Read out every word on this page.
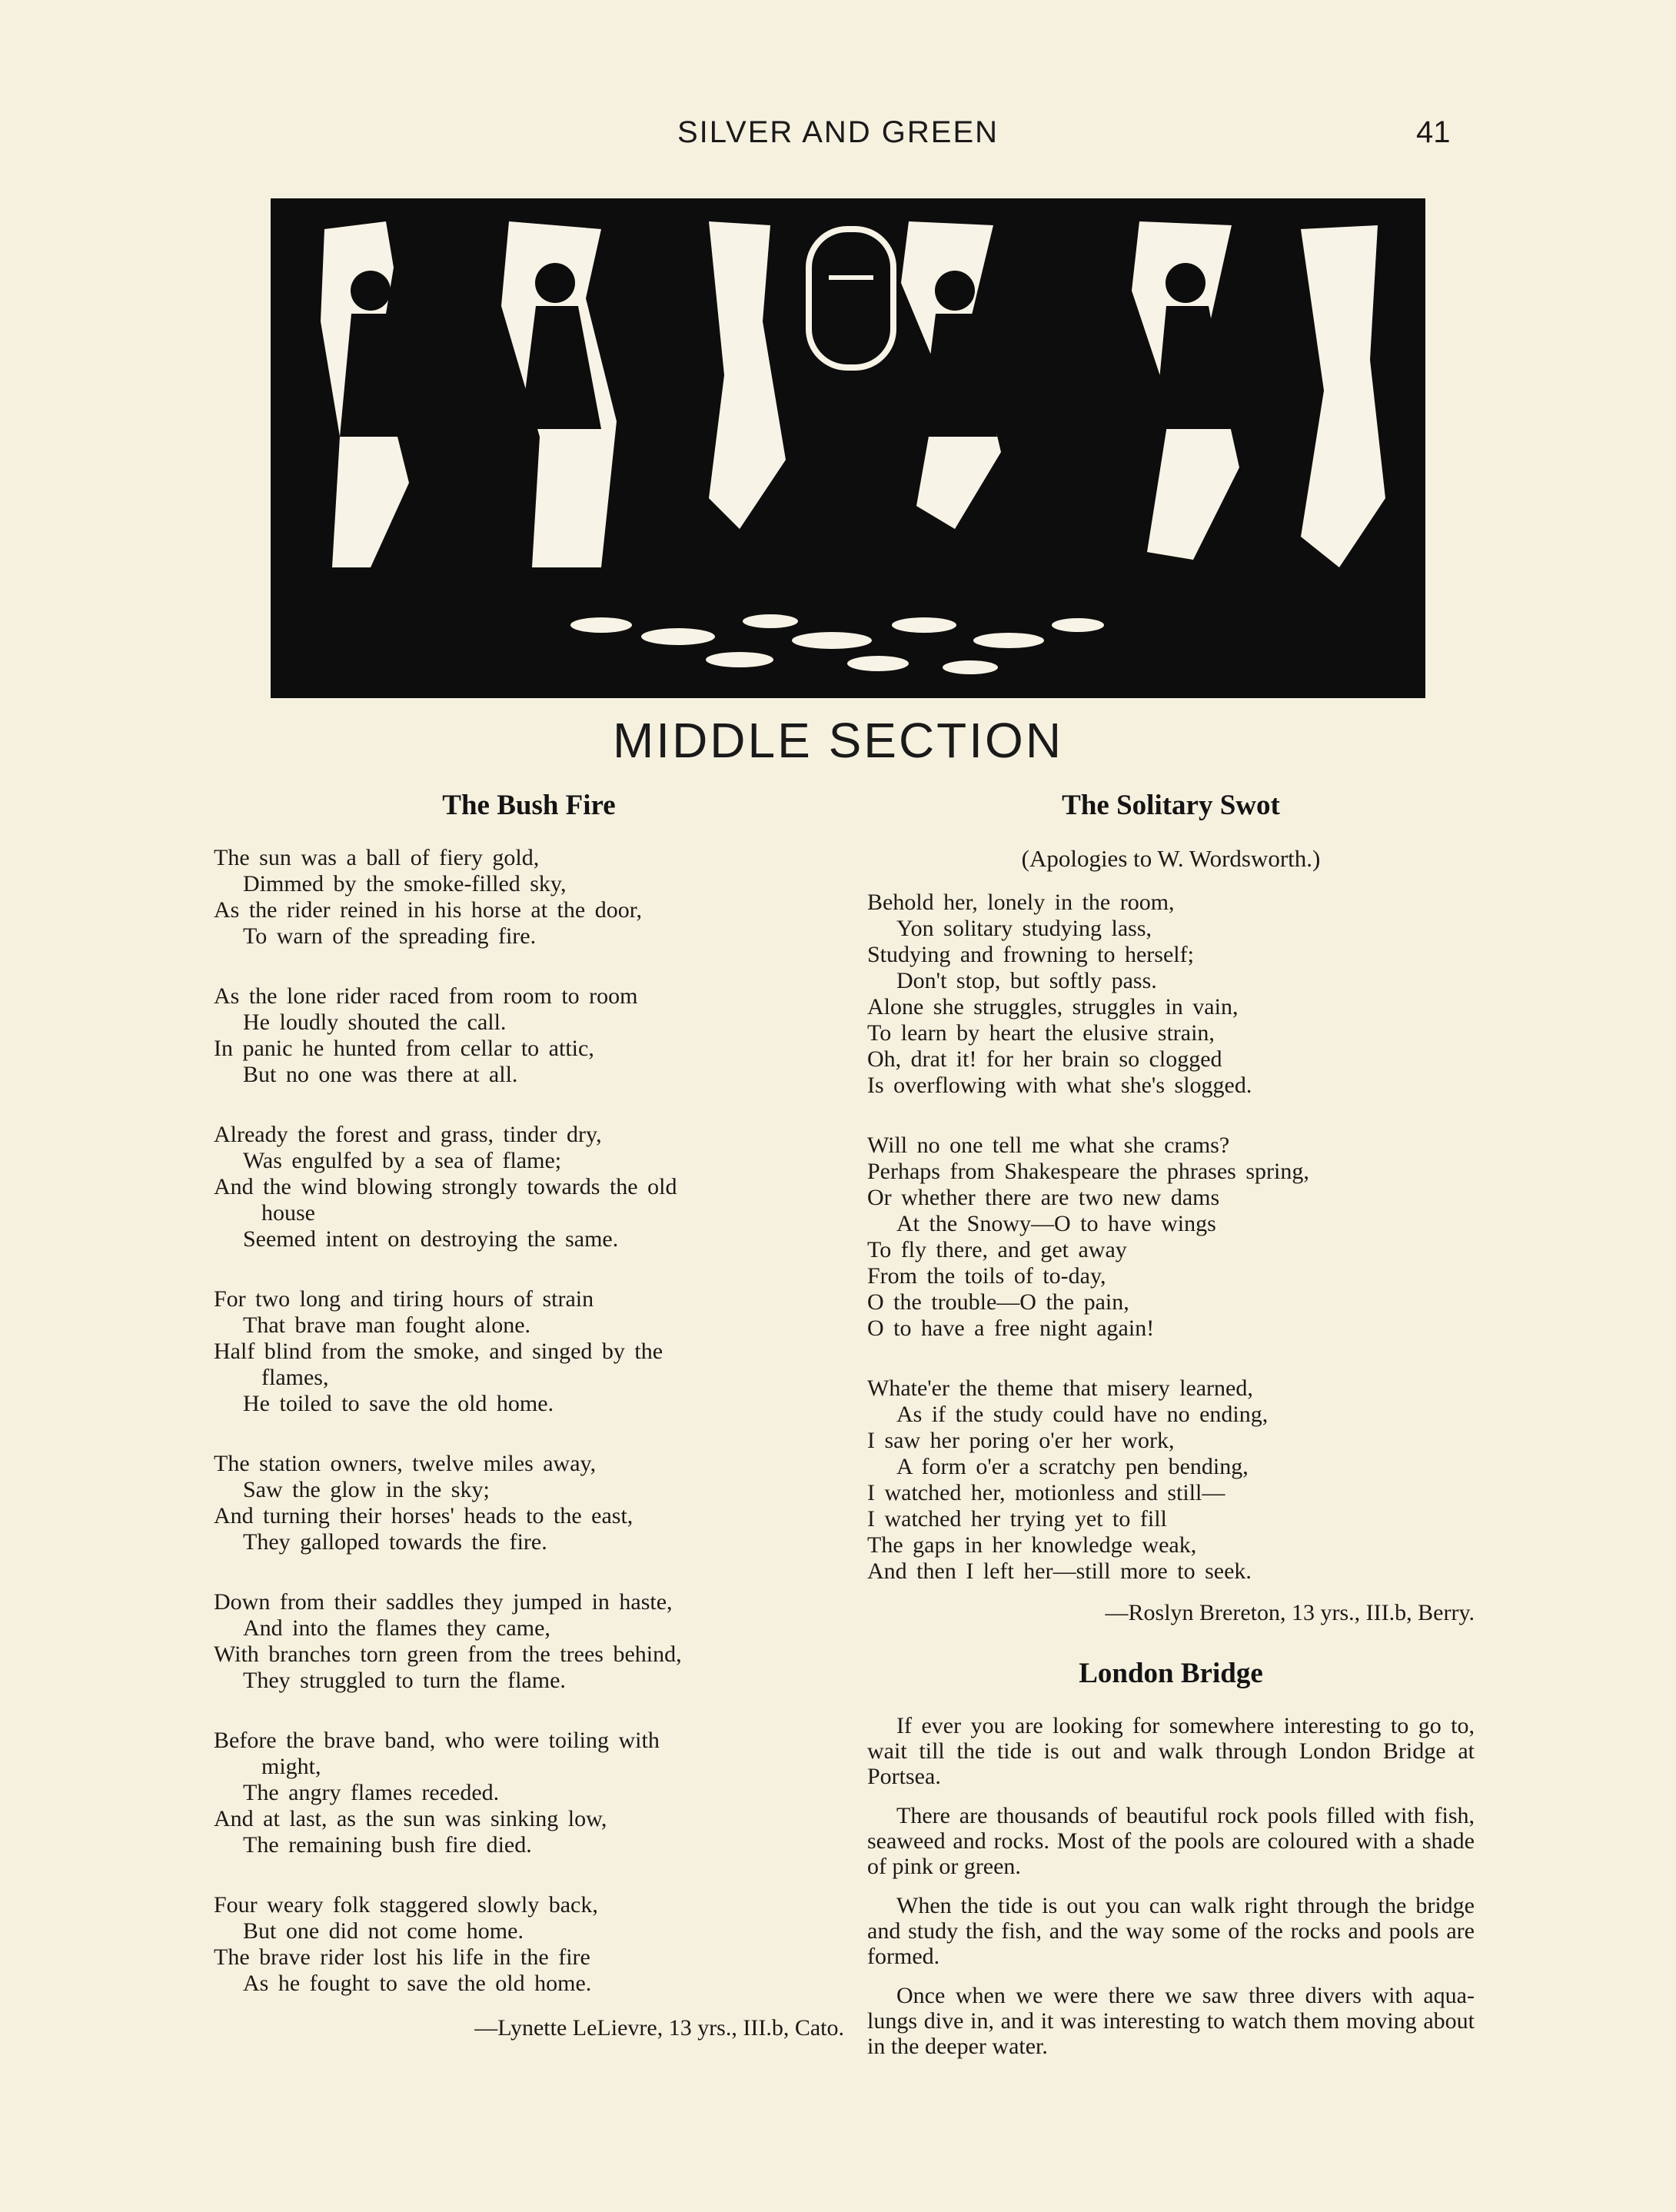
SILVER AND GREEN	41
MIDDLE SECTION
The Bush Fire
The sun was a ball of fiery gold,
Dimmed by the smoke-filled sky,
As the rider reined in his horse at the door,
To warn of the spreading fire.
As the lone rider raced from room to room
He loudly shouted the call.
In panic he hunted from cellar to attic,
But no one was there at all.
Already the forest and grass, tinder dry,
Was engulfed by a sea of flame;
And the wind blowing strongly towards the old
house
Seemed intent on destroying the same.
For two long and tiring hours of strain
That brave man fought alone.
Half blind from the smoke, and singed by the
flames,
He toiled to save the old home.
The station owners, twelve miles away,
Saw the glow in the sky;
And turning their horses' heads to the east,
They galloped towards the fire.
Down from their saddles they jumped in haste,
And into the flames they came,
With branches torn green from the trees behind,
They struggled to turn the flame.
Before the brave band, who were toiling with
might,
The angry flames receded.
And at last, as the sun was sinking low,
The remaining bush fire died.
Four weary folk staggered slowly back,
But one did not come home.
The brave rider lost his life in the fire
As he fought to save the old home.
—Lynette LeLievre, 13 yrs., III.b, Cato.
The Solitary Swot
(Apologies to W. Wordsworth.)
Behold her, lonely in the room,
Yon solitary studying lass,
Studying and frowning to herself;
Don't stop, but softly pass.
Alone she struggles, struggles in vain,
To learn by heart the elusive strain,
Oh, drat it! for her brain so clogged
Is overflowing with what she's slogged.
Will no one tell me what she crams?
Perhaps from Shakespeare the phrases spring,
Or whether there are two new dams
At the Snowy—O to have wings
To fly there, and get away
From the toils of to-day,
O the trouble—O the pain,
O to have a free night again!
Whate'er the theme that misery learned,
As if the study could have no ending,
I saw her poring o'er her work,
A form o'er a scratchy pen bending,
I watched her, motionless and still—
I watched her trying yet to fill
The gaps in her knowledge weak,
And then I left her—still more to seek.
—Roslyn Brereton, 13 yrs., III.b, Berry.
London Bridge

If ever you are looking for somewhere interesting to go to, wait till the tide is out and walk through London Bridge at Portsea.

There are thousands of beautiful rock pools filled with fish, seaweed and rocks. Most of the pools are coloured with a shade of pink or green.

When the tide is out you can walk right through the bridge and study the fish, and the way some of the rocks and pools are formed.

Once when we were there we saw three divers with aqua-lungs dive in, and it was interesting to watch them moving about in the deeper water.
